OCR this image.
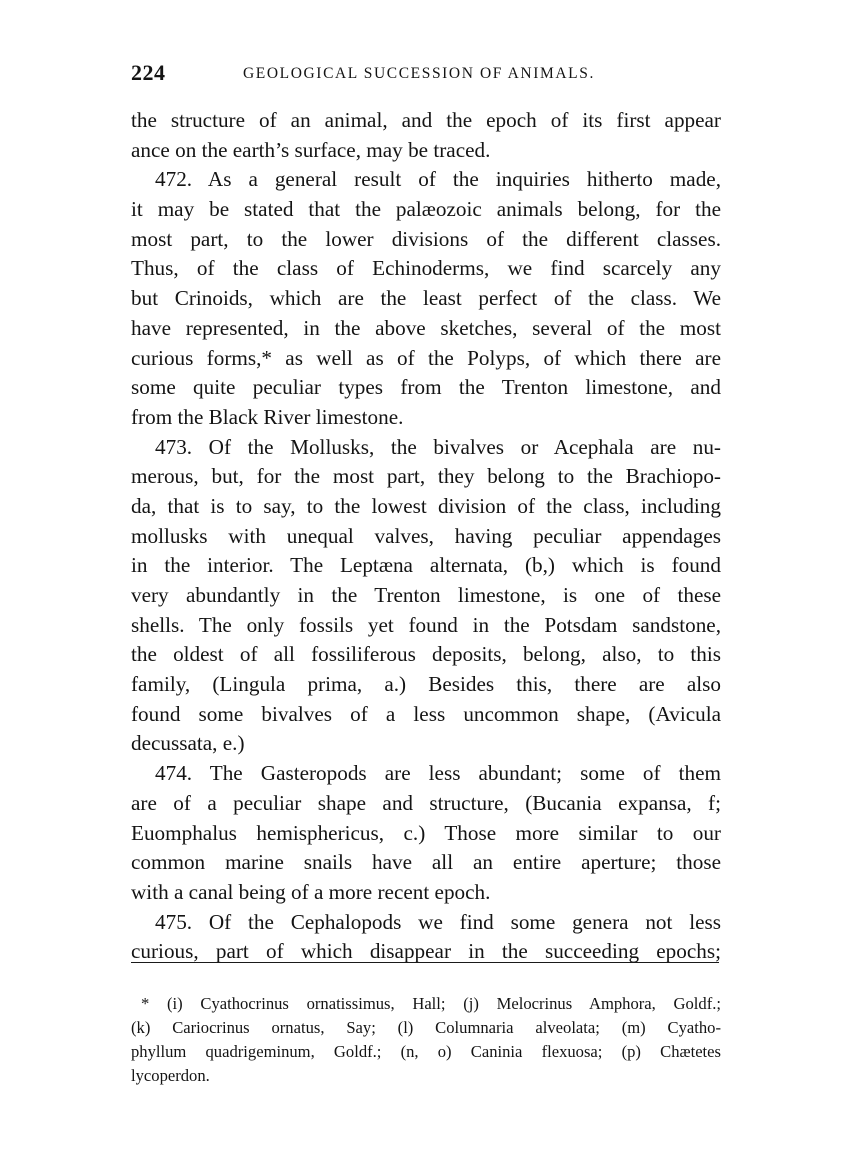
224	GEOLOGICAL SUCCESSION OF ANIMALS.
the structure of an animal, and the epoch of its first appear
ance on the earth’s surface, may be traced.
472. As a general result of the inquiries hitherto made,
it may be stated that the palæozoic animals belong, for the
most part, to the lower divisions of the different classes.
Thus, of the class of Echinoderms, we find scarcely any
but Crinoids, which are the least perfect of the class. We
have represented, in the above sketches, several of the most
curious forms,* as well as of the Polyps, of which there are
some quite peculiar types from the Trenton limestone, and
from the Black River limestone.
473. Of the Mollusks, the bivalves or Acephala are nu-
merous, but, for the most part, they belong to the Brachiopo-
da, that is to say, to the lowest division of the class, including
mollusks with unequal valves, having peculiar appendages
in the interior. The Leptæna alternata, (b,) which is found
very abundantly in the Trenton limestone, is one of these
shells. The only fossils yet found in the Potsdam sandstone,
the oldest of all fossiliferous deposits, belong, also, to this
family, (Lingula prima, a.) Besides this, there are also
found some bivalves of a less uncommon shape, (Avicula
decussata, e.)
474. The Gasteropods are less abundant; some of them
are of a peculiar shape and structure, (Bucania expansa, f;
Euomphalus hemisphericus, c.) Those more similar to our
common marine snails have all an entire aperture; those
with a canal being of a more recent epoch.
475. Of the Cephalopods we find some genera not less
curious, part of which disappear in the succeeding epochs;
* (i) Cyathocrinus ornatissimus, Hall; (j) Melocrinus Amphora, Goldf.;
(k) Cariocrinus ornatus, Say; (l) Columnaria alveolata; (m) Cyatho-
phyllum quadrigeminum, Goldf.; (n, o) Caninia flexuosa; (p) Chætetes
lycoperdon.
